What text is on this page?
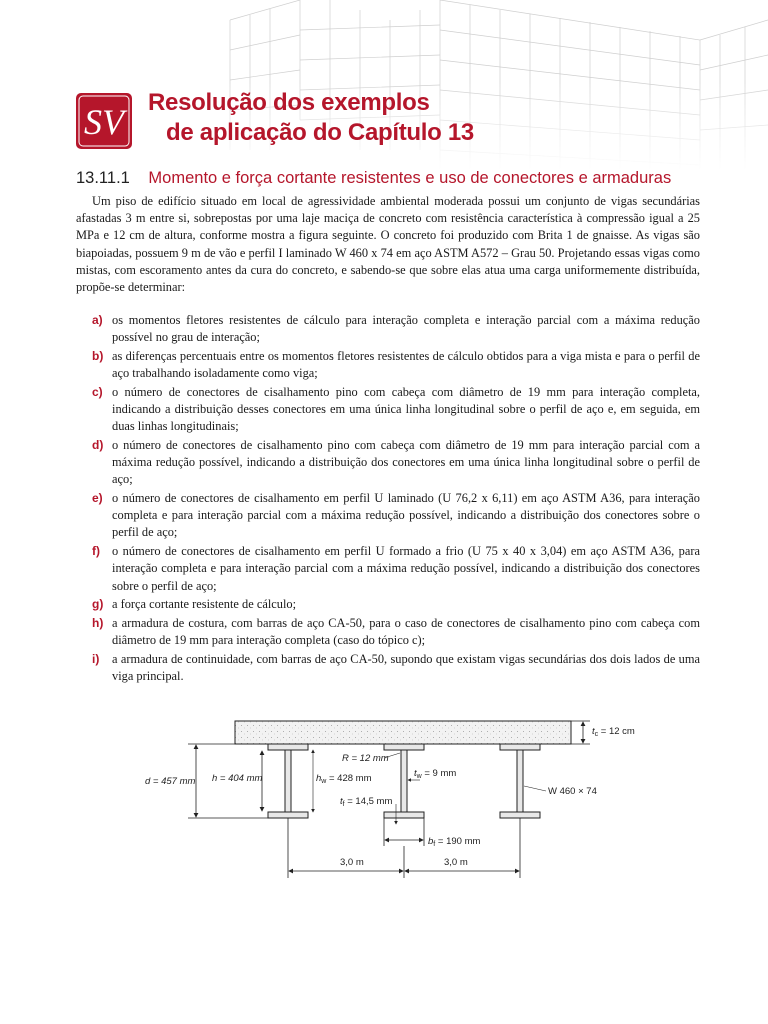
SV Resolução dos exemplos
de aplicação do Capítulo 13
13.11.1 Momento e força cortante resistentes e uso de conectores e armaduras

Um piso de edifício situado em local de agressividade ambiental moderada possui um conjunto de vigas secundárias afastadas 3 m entre si, sobrepostas por uma laje maciça de concreto com resistência característica à compressão igual a 25 MPa e 12 cm de altura, conforme mostra a figura seguinte. O concreto foi produzido com Brita 1 de gnaisse. As vigas são biapoiadas, possuem 9 m de vão e perfil I laminado W 460 x 74 em aço ASTM A572 – Grau 50. Projetando essas vigas como mistas, com escoramento antes da cura do concreto, e sabendo-se que sobre elas atua uma carga uniformemente distribuída, propõe-se determinar:

a) os momentos fletores resistentes de cálculo para interação completa e interação parcial com a máxima redução possível no grau de interação;
b) as diferenças percentuais entre os momentos fletores resistentes de cálculo obtidos para a viga mista e para o perfil de aço trabalhando isoladamente como viga;
c) o número de conectores de cisalhamento pino com cabeça com diâmetro de 19 mm para interação completa, indicando a distribuição desses conectores em uma única linha longitudinal sobre o perfil de aço e, em seguida, em duas linhas longitudinais;
d) o número de conectores de cisalhamento pino com cabeça com diâmetro de 19 mm para interação parcial com a máxima redução possível, indicando a distribuição dos conectores em uma única linha longitudinal sobre o perfil de aço;
e) o número de conectores de cisalhamento em perfil U laminado (U 76,2 x 6,11) em aço ASTM A36, para interação completa e para interação parcial com a máxima redução possível, indicando a distribuição dos conectores sobre o perfil de aço;
f) o número de conectores de cisalhamento em perfil U formado a frio (U 75 x 40 x 3,04) em aço ASTM A36, para interação completa e para interação parcial com a máxima redução possível, indicando a distribuição dos conectores sobre o perfil de aço;
g) a força cortante resistente de cálculo;
h) a armadura de costura, com barras de aço CA-50, para o caso de conectores de cisalhamento pino com cabeça com diâmetro de 19 mm para interação completa (caso do tópico c);
i) a armadura de continuidade, com barras de aço CA-50, supondo que existam vigas secundárias dos dois lados de uma viga principal.
$t_c = 12$ cm
d = 457 mm h = 404 mm	$h_w = 428$ mm
R = 12 mm
$t_w = 9$ mm
$t_f = 14,5$ mm
W 460 × 74
$b_f = 190$ mm
3,0 m	3,0 m
